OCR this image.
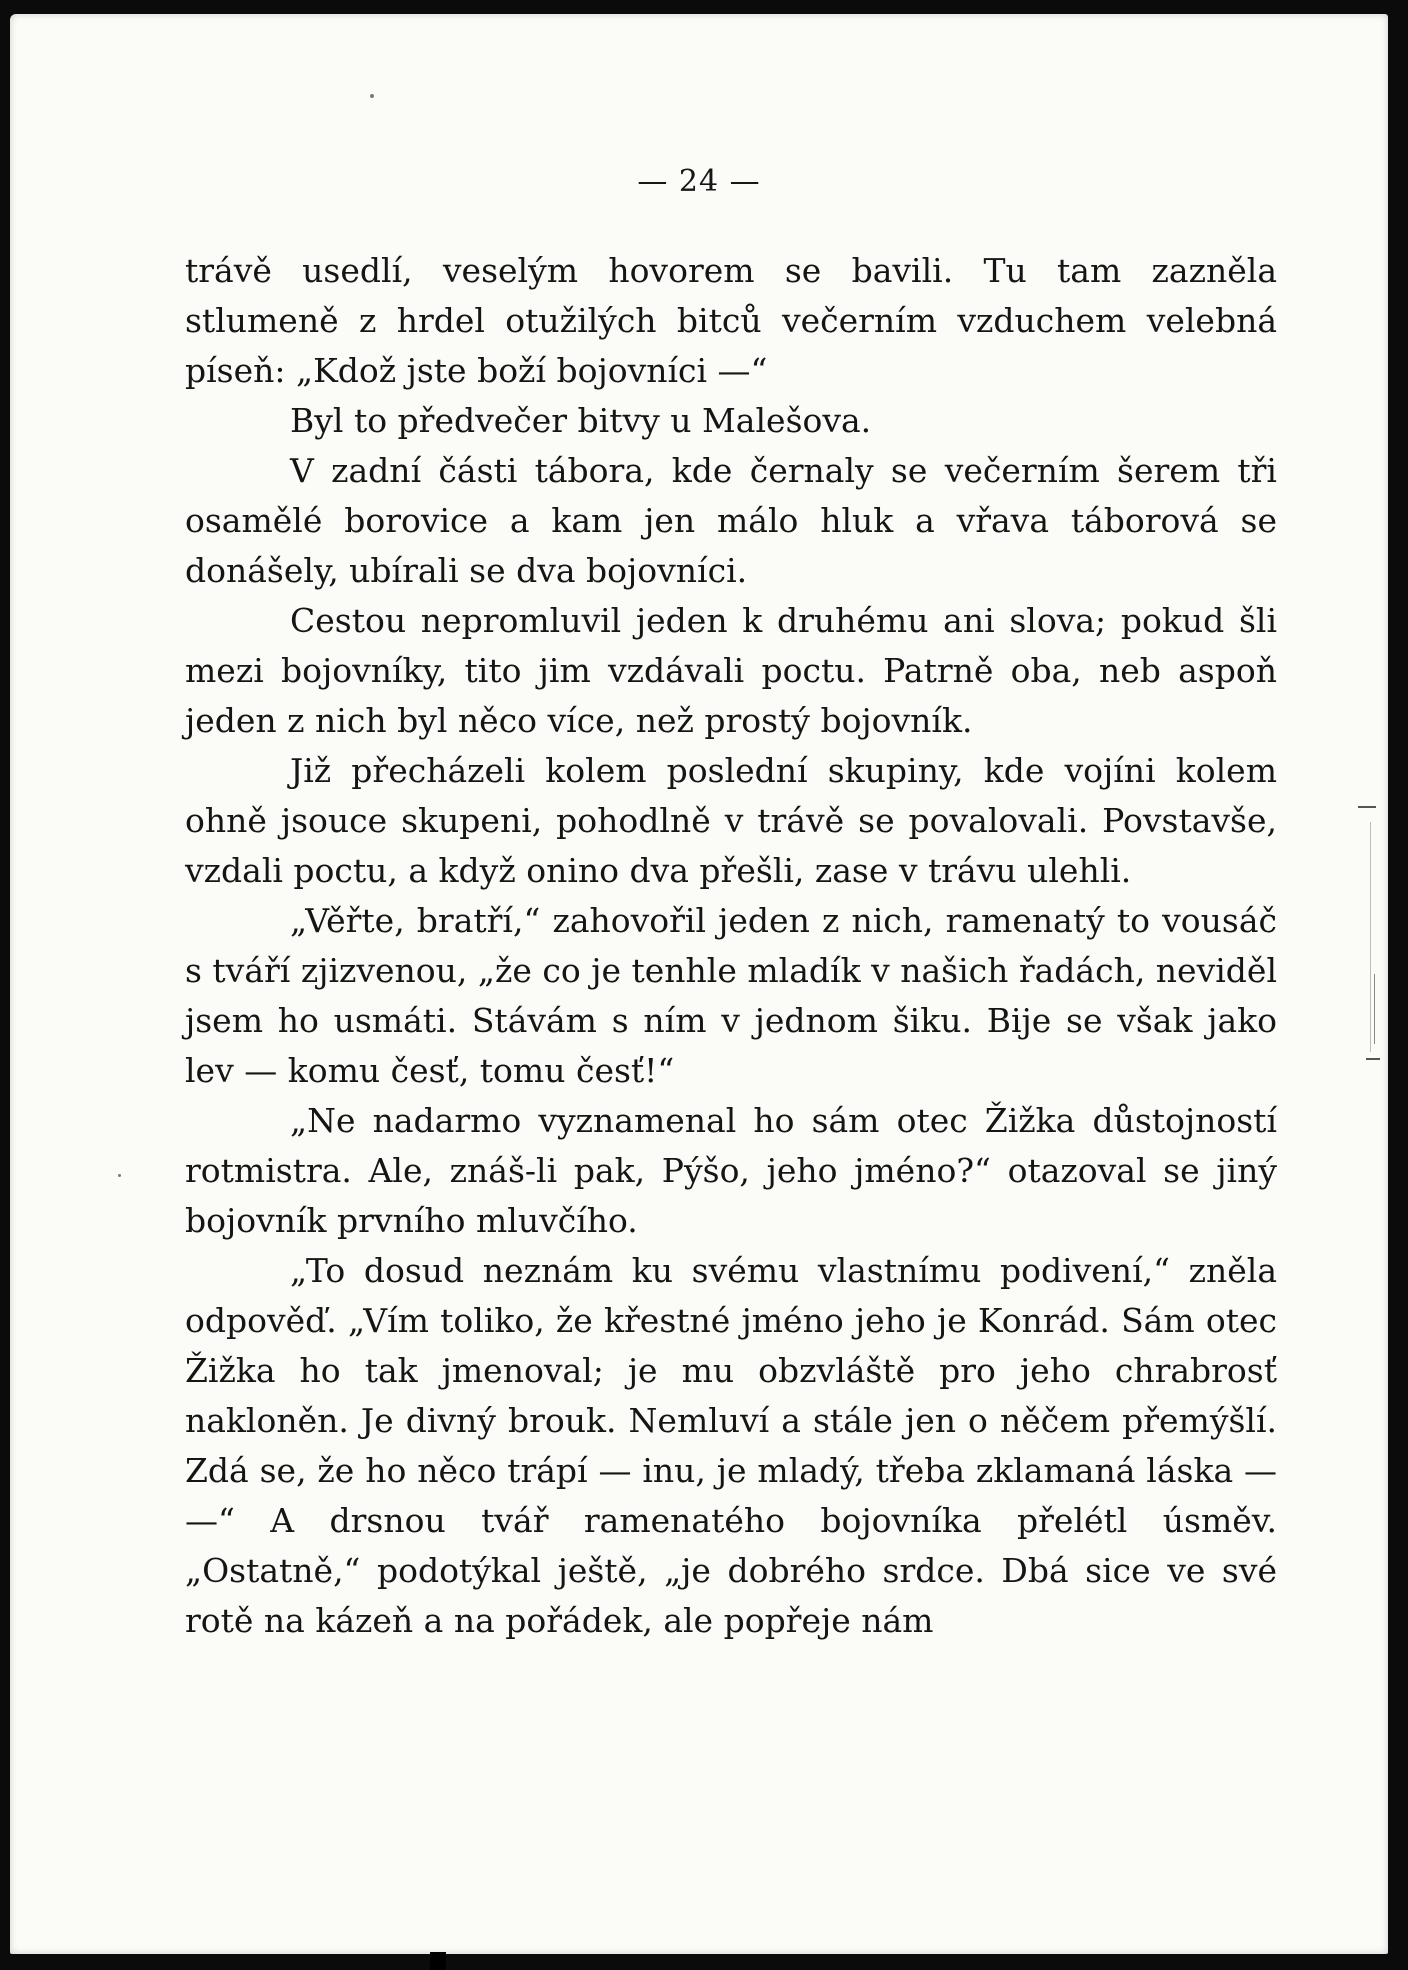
— 24 —

trávě usedlí, veselým hovorem se bavili. Tu tam zazněla stlumeně z hrdel otužilých bitců večerním vzduchem velebná píseň: „Kdož jste boží bojovníci —“

Byl to předvečer bitvy u Malešova.

V zadní části tábora, kde černaly se večerním šerem tři osamělé borovice a kam jen málo hluk a vřava táborová se donášely, ubírali se dva bojovníci.

Cestou nepromluvil jeden k druhému ani slova; pokud šli mezi bojovníky, tito jim vzdávali poctu. Patrně oba, neb aspoň jeden z nich byl něco více, než prostý bojovník.

Již přecházeli kolem poslední skupiny, kde vojíni kolem ohně jsouce skupeni, pohodlně v trávě se povalovali. Povstavše, vzdali poctu, a když onino dva přešli, zase v trávu ulehli.

„Věřte, bratří,“ zahovořil jeden z nich, ramenatý to vousáč s tváří zjizvenou, „že co je tenhle mladík v našich řadách, neviděl jsem ho usmáti. Stávám s ním v jednom šiku. Bije se však jako lev — komu česť, tomu česť!“

„Ne nadarmo vyznamenal ho sám otec Žižka důstojností rotmistra. Ale, znáš-li pak, Pýšo, jeho jméno?“ otazoval se jiný bojovník prvního mluvčího.

„To dosud neznám ku svému vlastnímu podivení,“ zněla odpověď. „Vím toliko, že křestné jméno jeho je Konrád. Sám otec Žižka ho tak jmenoval; je mu obzvláště pro jeho chrabrosť nakloněn. Je divný brouk. Nemluví a stále jen o něčem přemýšlí. Zdá se, že ho něco trápí — inu, je mladý, třeba zklamaná láska — —“ A drsnou tvář ramenatého bojovníka přelétl úsměv. „Ostatně,“ podotýkal ještě, „je dobrého srdce. Dbá sice ve své rotě na kázeň a na pořádek, ale popřeje nám
